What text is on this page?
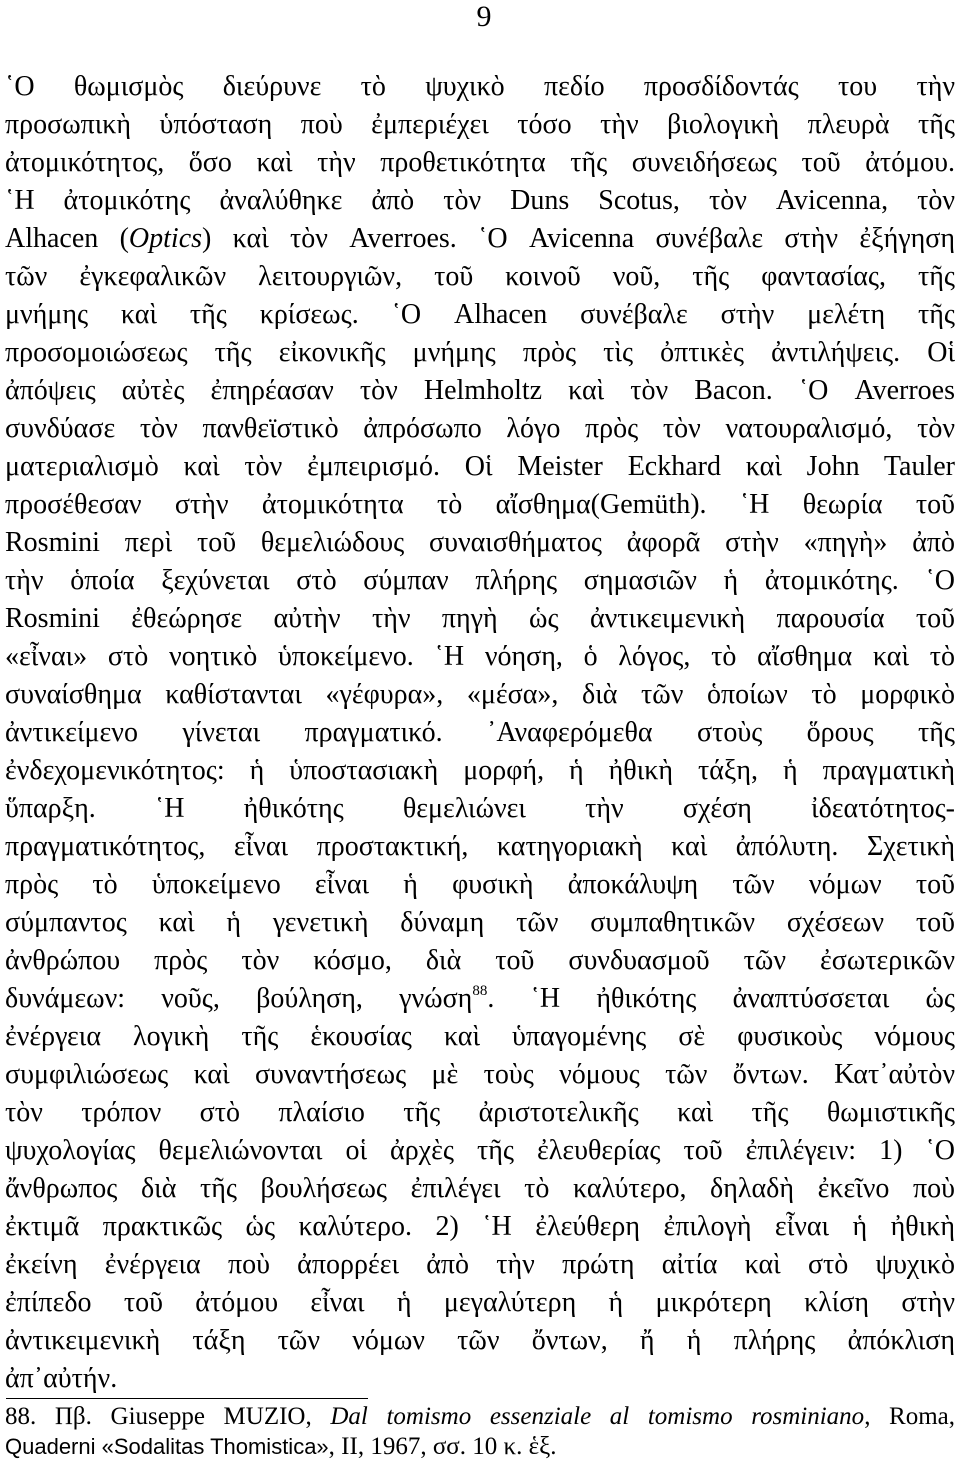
9
῾Ο θωμισμὸς διεύρυνε τὸ ψυχικὸ πεδίο προσδίδοντάς του τὴν
προσωπικὴ ὑπόσταση ποὺ ἐμπεριέχει τόσο τὴν βιολογικὴ πλευρὰ τῆς
ἀτομικότητος, ὅσο καὶ τὴν προθετικότητα τῆς συνειδήσεως τοῦ ἀτόμου.
῾Η ἀτομικότης ἀναλύθηκε ἀπὸ τὸν Duns Scotus, τὸν Avicenna, τὸν
Alhacen (Optics) καὶ τὸν Averroes. ῾Ο Avicenna συνέβαλε στὴν ἐξήγηση
τῶν ἐγκεφαλικῶν λειτουργιῶν, τοῦ κοινοῦ νοῦ, τῆς φαντασίας, τῆς
μνήμης καὶ τῆς κρίσεως. ῾Ο Alhacen συνέβαλε στὴν μελέτη τῆς
προσομοιώσεως τῆς εἰκονικῆς μνήμης πρὸς τὶς ὀπτικὲς ἀντιλήψεις. Οἱ
ἀπόψεις αὐτὲς ἐπηρέασαν τὸν Helmholtz καὶ τὸν Bacon. ῾Ο Averroes
συνδύασε τὸν πανθεϊστικὸ ἀπρόσωπο λόγο πρὸς τὸν νατουραλισμό, τὸν
ματεριαλισμὸ καὶ τὸν ἐμπειρισμό. Οἱ Meister Eckhard καὶ John Tauler
προσέθεσαν στὴν ἀτομικότητα τὸ αἴσθημα(Gemüth). ῾Η θεωρία τοῦ
Rosmini περὶ τοῦ θεμελιώδους συναισθήματος ἀφορᾶ στὴν «πηγὴ» ἀπὸ
τὴν ὁποία ξεχύνεται στὸ σύμπαν πλήρης σημασιῶν ἡ ἀτομικότης. ῾Ο
Rosmini ἐθεώρησε αὐτὴν τὴν πηγὴ ὡς ἀντικειμενικὴ παρουσία τοῦ
«εἶναι» στὸ νοητικὸ ὑποκείμενο. ῾Η νόηση, ὁ λόγος, τὸ αἴσθημα καὶ τὸ
συναίσθημα καθίστανται «γέφυρα», «μέσα», διὰ τῶν ὁποίων τὸ μορφικὸ
ἀντικείμενο γίνεται πραγματικό. ᾿Αναφερόμεθα στοὺς ὅρους τῆς
ἐνδεχομενικότητος: ἡ ὑποστασιακὴ μορφή, ἡ ἠθικὴ τάξη, ἡ πραγματικὴ
ὕπαρξη. ῾Η ἠθικότης θεμελιώνει τὴν σχέση ἰδεατότητος-
πραγματικότητος, εἶναι προστακτική, κατηγοριακὴ καὶ ἀπόλυτη. Σχετικὴ
πρὸς τὸ ὑποκείμενο εἶναι ἡ φυσικὴ ἀποκάλυψη τῶν νόμων τοῦ
σύμπαντος καὶ ἡ γενετικὴ δύναμη τῶν συμπαθητικῶν σχέσεων τοῦ
ἀνθρώπου πρὸς τὸν κόσμο, διὰ τοῦ συνδυασμοῦ τῶν ἐσωτερικῶν
δυνάμεων: νοῦς, βούληση, γνώση$^{88}$. ῾Η ἠθικότης ἀναπτύσσεται ὡς
ἐνέργεια λογικὴ τῆς ἑκουσίας καὶ ὑπαγομένης σὲ φυσικοὺς νόμους
συμφιλιώσεως καὶ συναντήσεως μὲ τοὺς νόμους τῶν ὄντων. Κατ᾿αὐτὸν
τὸν τρόπον στὸ πλαίσιο τῆς ἀριστοτελικῆς καὶ τῆς θωμιστικῆς
ψυχολογίας θεμελιώνονται οἱ ἀρχὲς τῆς ἐλευθερίας τοῦ ἐπιλέγειν: 1) ῾Ο
ἄνθρωπος διὰ τῆς βουλήσεως ἐπιλέγει τὸ καλύτερο, δηλαδὴ ἐκεῖνο ποὺ
ἐκτιμᾶ πρακτικῶς ὡς καλύτερο. 2) ῾Η ἐλεύθερη ἐπιλογὴ εἶναι ἡ ἠθικὴ
ἐκείνη ἐνέργεια ποὺ ἀπορρέει ἀπὸ τὴν πρώτη αἰτία καὶ στὸ ψυχικὸ
ἐπίπεδο τοῦ ἀτόμου εἶναι ἡ μεγαλύτερη ἡ μικρότερη κλίση στὴν
ἀντικειμενικὴ τάξη τῶν νόμων τῶν ὄντων, ἤ ἡ πλήρης ἀπόκλιση
ἀπ᾿αὐτήν.
88. Πβ. Giuseppe MUZIO, Dal tomismo essenziale al tomismo rosminiano, Roma,
Quaderni «Sodalitas Thomistica», II, 1967, σσ. 10 κ. ἑξ.
